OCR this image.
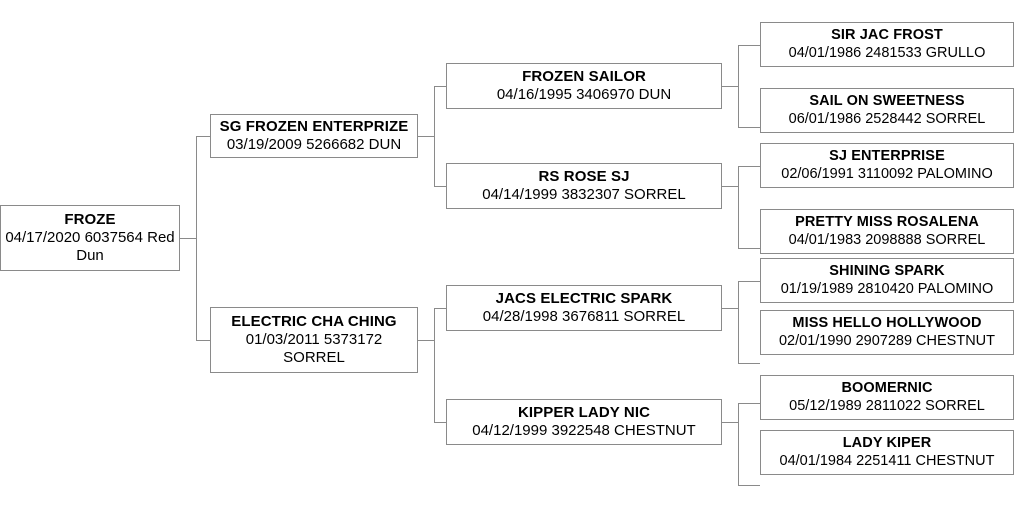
FROZE
04/17/2020 6037564 Red Dun
SG FROZEN ENTERPRIZE
03/19/2009 5266682 DUN
ELECTRIC CHA CHING
01/03/2011 5373172 SORREL
FROZEN SAILOR
04/16/1995 3406970 DUN
RS ROSE SJ
04/14/1999 3832307 SORREL
JACS ELECTRIC SPARK
04/28/1998 3676811 SORREL
KIPPER LADY NIC
04/12/1999 3922548 CHESTNUT
SIR JAC FROST
04/01/1986 2481533 GRULLO
SAIL ON SWEETNESS
06/01/1986 2528442 SORREL
SJ ENTERPRISE
02/06/1991 3110092 PALOMINO
PRETTY MISS ROSALENA
04/01/1983 2098888 SORREL
SHINING SPARK
01/19/1989 2810420 PALOMINO
MISS HELLO HOLLYWOOD
02/01/1990 2907289 CHESTNUT
BOOMERNIC
05/12/1989 2811022 SORREL
LADY KIPER
04/01/1984 2251411 CHESTNUT
